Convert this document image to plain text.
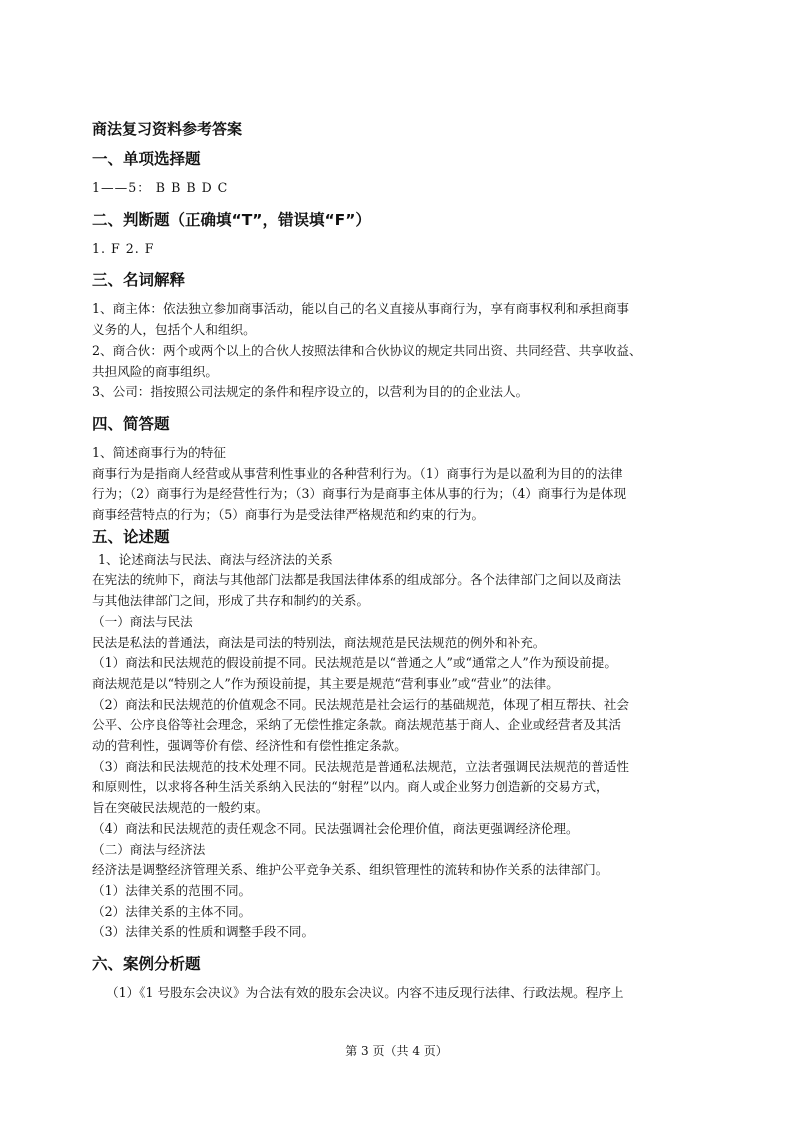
商法复习资料参考答案
一、单项选择题

1——5： B B B D C

二、判断题（正确填“T”，错误填“F”）

1. F 2. F

三、名词解释

1、商主体：依法独立参加商事活动，能以自己的名义直接从事商行为，享有商事权利和承担商事

义务的人，包括个人和组织。

2、商合伙：两个或两个以上的合伙人按照法律和合伙协议的规定共同出资、共同经营、共享收益、

共担风险的商事组织。

3、公司：指按照公司法规定的条件和程序设立的，以营利为目的的企业法人。

四、简答题

1、简述商事行为的特征

商事行为是指商人经营或从事营利性事业的各种营利行为。（1）商事行为是以盈利为目的的法律

行为；（2）商事行为是经营性行为；（3）商事行为是商事主体从事的行为；（4）商事行为是体现

商事经营特点的行为；（5）商事行为是受法律严格规范和约束的行为。

五、论述题

1、论述商法与民法、商法与经济法的关系

在宪法的统帅下，商法与其他部门法都是我国法律体系的组成部分。各个法律部门之间以及商法

与其他法律部门之间，形成了共存和制约的关系。

（一）商法与民法

民法是私法的普通法，商法是司法的特别法，商法规范是民法规范的例外和补充。

（1）商法和民法规范的假设前提不同。民法规范是以“普通之人”或“通常之人”作为预设前提。

商法规范是以“特别之人”作为预设前提，其主要是规范“营利事业”或“营业”的法律。

（2）商法和民法规范的价值观念不同。民法规范是社会运行的基础规范，体现了相互帮扶、社会

公平、公序良俗等社会理念，采纳了无偿性推定条款。商法规范基于商人、企业或经营者及其活

动的营利性，强调等价有偿、经济性和有偿性推定条款。

（3）商法和民法规范的技术处理不同。民法规范是普通私法规范，立法者强调民法规范的普适性

和原则性，以求将各种生活关系纳入民法的“射程”以内。商人或企业努力创造新的交易方式，

旨在突破民法规范的一般约束。

（4）商法和民法规范的责任观念不同。民法强调社会伦理价值，商法更强调经济伦理。

（二）商法与经济法

经济法是调整经济管理关系、维护公平竞争关系、组织管理性的流转和协作关系的法律部门。

（1）法律关系的范围不同。

（2）法律关系的主体不同。

（3）法律关系的性质和调整手段不同。

六、案例分析题

（1）《1 号股东会决议》为合法有效的股东会决议。内容不违反现行法律、行政法规。程序上

第 3 页（共 4 页）
